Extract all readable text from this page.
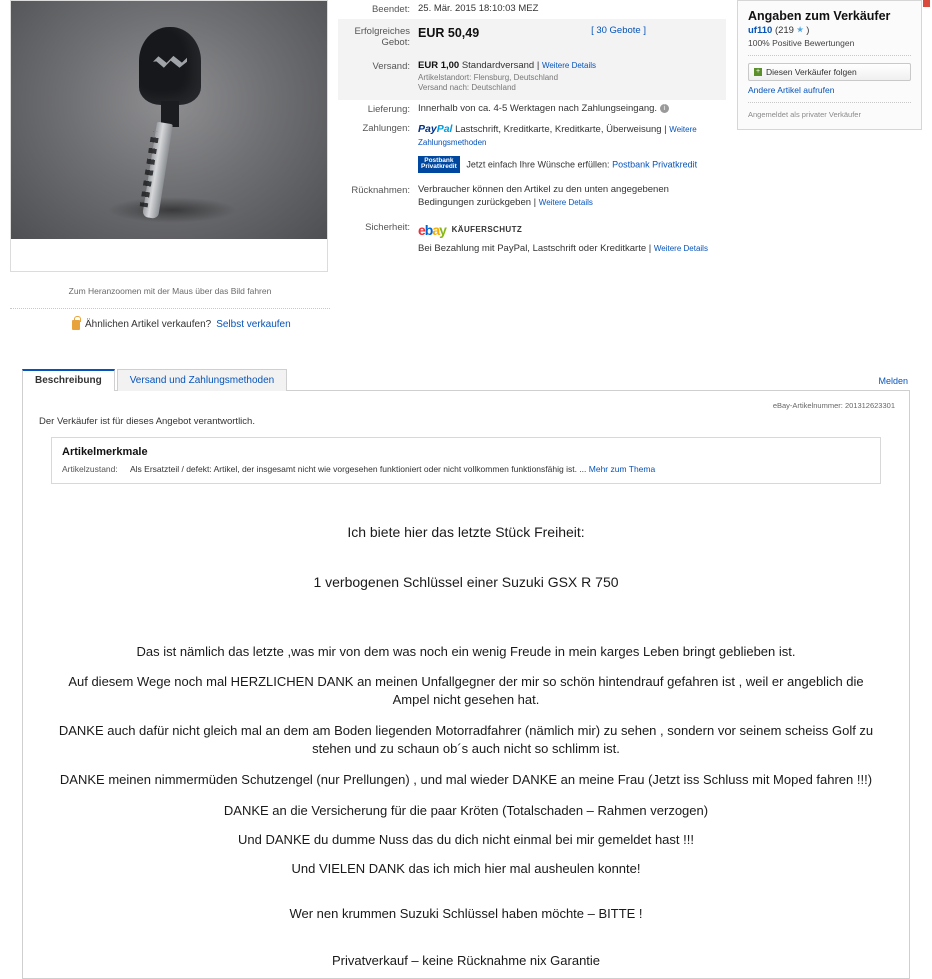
Zum Heranzoomen mit der Maus über das Bild fahren
Ähnlichen Artikel verkaufen? Selbst verkaufen
Beendet: 25. Mär. 2015 18:10:03 MEZ
Erfolgreiches Gebot:
EUR 50,49	[ 30 Gebote ]
Versand: EUR 1,00 Standardversand | Weitere Details
Artikelstandort: Flensburg, Deutschland
Versand nach: Deutschland
Lieferung: Innerhalb von ca. 4-5 Werktagen nach Zahlungseingang. i
Zahlungen: PayPal Lastschrift, Kreditkarte, Kreditkarte, Überweisung | Weitere Zahlungsmethoden
Postbank
Privatkredit Jetzt einfach Ihre Wünsche erfüllen: Postbank Privatkredit
Rücknahmen: Verbraucher können den Artikel zu den unten angegebenen Bedingungen zurückgeben | Weitere Details
Sicherheit: ebay KÄUFERSCHUTZ
Bei Bezahlung mit PayPal, Lastschrift oder Kreditkarte | Weitere Details
Angaben zum Verkäufer
uf110 (219 )
100% Positive Bewertungen
+ Diesen Verkäufer folgen
Andere Artikel aufrufen
Angemeldet als privater Verkäufer
Beschreibung	Versand und Zahlungsmethoden	Melden
eBay-Artikelnummer: 201312623301
Der Verkäufer ist für dieses Angebot verantwortlich.
Artikelmerkmale
Artikelzustand:	Als Ersatzteil / defekt: Artikel, der insgesamt nicht wie vorgesehen funktioniert oder nicht vollkommen funktionsfähig ist. ... Mehr zum Thema

Ich biete hier das letzte Stück Freiheit:

1 verbogenen Schlüssel einer Suzuki GSX R 750

Das ist nämlich das letzte ,was mir von dem was noch ein wenig Freude in mein karges Leben bringt geblieben ist.

Auf diesem Wege noch mal HERZLICHEN DANK an meinen Unfallgegner der mir so schön hintendrauf gefahren ist , weil er angeblich die Ampel nicht gesehen hat.

DANKE auch dafür nicht gleich mal an dem am Boden liegenden Motorradfahrer (nämlich mir) zu sehen , sondern vor seinem scheiss Golf zu stehen und zu schaun ob´s auch nicht so schlimm ist.

DANKE meinen nimmermüden Schutzengel (nur Prellungen) , und mal wieder DANKE an meine Frau (Jetzt iss Schluss mit Moped fahren !!!)

DANKE an die Versicherung für die paar Kröten (Totalschaden – Rahmen verzogen)

Und DANKE du dumme Nuss das du dich nicht einmal bei mir gemeldet hast !!!

Und VIELEN DANK das ich mich hier mal ausheulen konnte!

Wer nen krummen Suzuki Schlüssel haben möchte – BITTE !

Privatverkauf – keine Rücknahme nix Garantie
